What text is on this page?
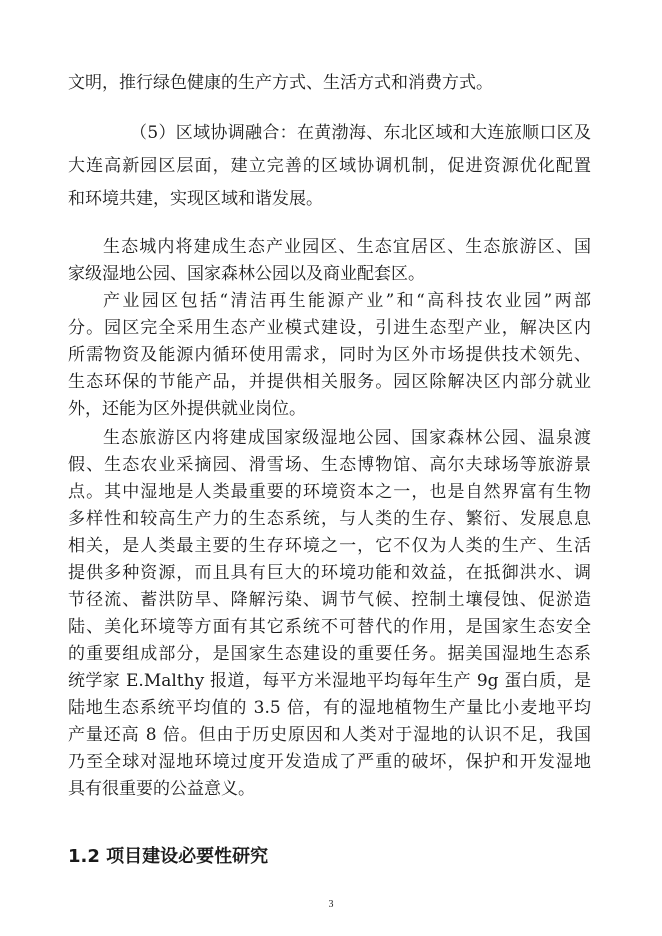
文明，推行绿色健康的生产方式、生活方式和消费方式。
（5）区域协调融合：在黄渤海、东北区域和大连旅顺口区及
大连高新园区层面，建立完善的区域协调机制，促进资源优化配置
和环境共建，实现区域和谐发展。
生态城内将建成生态产业园区、生态宜居区、生态旅游区、国
家级湿地公园、国家森林公园以及商业配套区。
产业园区包括“清洁再生能源产业”和“高科技农业园”两部
分。园区完全采用生态产业模式建设，引进生态型产业，解决区内
所需物资及能源内循环使用需求，同时为区外市场提供技术领先、
生态环保的节能产品，并提供相关服务。园区除解决区内部分就业
外，还能为区外提供就业岗位。
生态旅游区内将建成国家级湿地公园、国家森林公园、温泉渡
假、生态农业采摘园、滑雪场、生态博物馆、高尔夫球场等旅游景
点。其中湿地是人类最重要的环境资本之一，也是自然界富有生物
多样性和较高生产力的生态系统，与人类的生存、繁衍、发展息息
相关，是人类最主要的生存环境之一，它不仅为人类的生产、生活
提供多种资源，而且具有巨大的环境功能和效益，在抵御洪水、调
节径流、蓄洪防旱、降解污染、调节气候、控制土壤侵蚀、促淤造
陆、美化环境等方面有其它系统不可替代的作用，是国家生态安全
的重要组成部分，是国家生态建设的重要任务。据美国湿地生态系
统学家 E.Malthy 报道，每平方米湿地平均每年生产 9g 蛋白质，是
陆地生态系统平均值的 3.5 倍，有的湿地植物生产量比小麦地平均
产量还高 8 倍。但由于历史原因和人类对于湿地的认识不足，我国
乃至全球对湿地环境过度开发造成了严重的破坏，保护和开发湿地
具有很重要的公益意义。
1.2 项目建设必要性研究
3
